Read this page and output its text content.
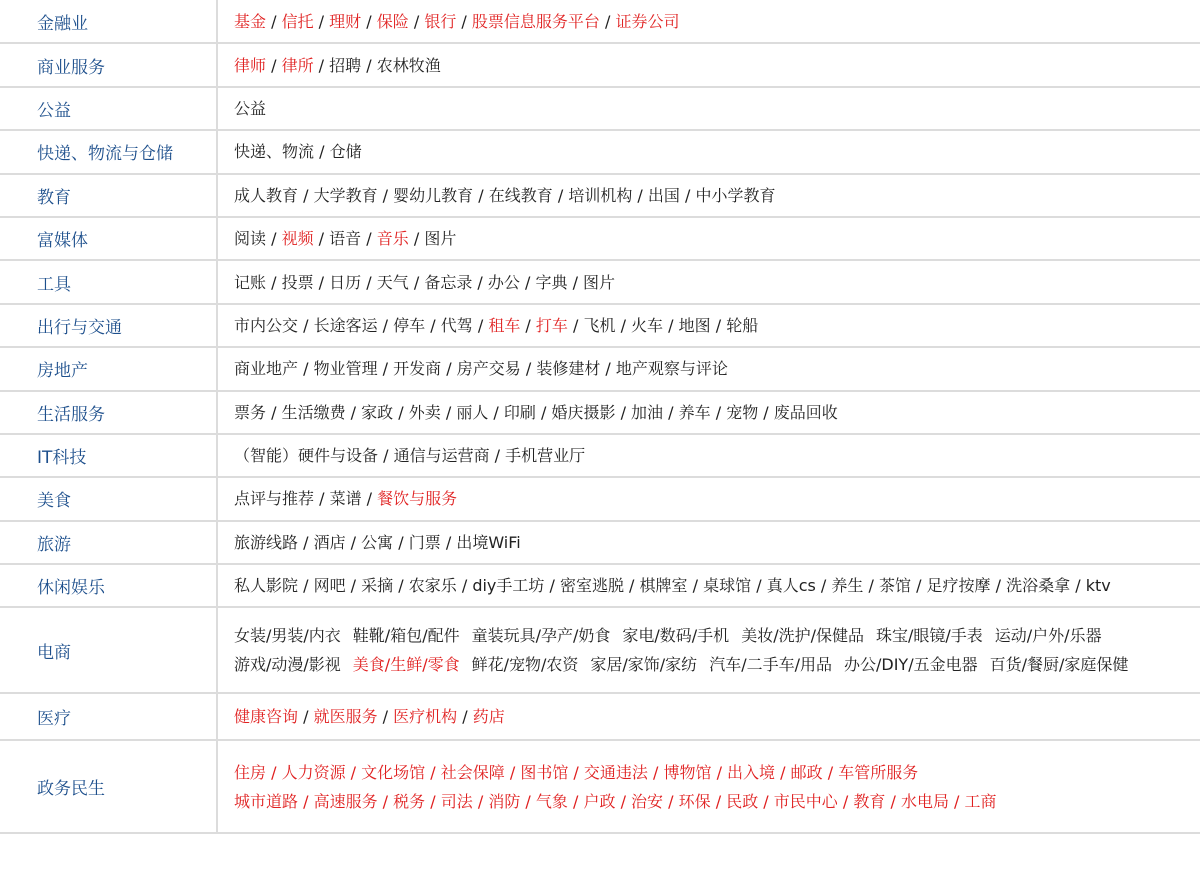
金融业	基金 / 信托 / 理财 / 保险 / 银行 / 股票信息服务平台 / 证券公司

商业服务	律师 / 律所 / 招聘 / 农林牧渔

公益	公益

快递、物流与仓储	快递、物流 / 仓储

教育	成人教育 / 大学教育 / 婴幼儿教育 / 在线教育 / 培训机构 / 出国 / 中小学教育

富媒体	阅读 / 视频 / 语音 / 音乐 / 图片

工具	记账 / 投票 / 日历 / 天气 / 备忘录 / 办公 / 字典 / 图片

出行与交通	市内公交 / 长途客运 / 停车 / 代驾 / 租车 / 打车 / 飞机 / 火车 / 地图 / 轮船

房地产	商业地产 / 物业管理 / 开发商 / 房产交易 / 装修建材 / 地产观察与评论

生活服务	票务 / 生活缴费 / 家政 / 外卖 / 丽人 / 印刷 / 婚庆摄影 / 加油 / 养车 / 宠物 / 废品回收

IT科技	（智能）硬件与设备 / 通信与运营商 / 手机营业厅

美食	点评与推荐 / 菜谱 / 餐饮与服务

旅游	旅游线路 / 酒店 / 公寓 / 门票 / 出境WiFi

休闲娱乐	私人影院 / 网吧 / 采摘 / 农家乐 / diy手工坊 / 密室逃脱 / 棋牌室 / 桌球馆 / 真人cs / 养生 / 茶馆 / 足疗按摩 / 洗浴桑拿 / ktv

电商	女装/男装/内衣 鞋靴/箱包/配件 童装玩具/孕产/奶食 家电/数码/手机 美妆/洗护/保健品 珠宝/眼镜/手表 运动/户外/乐器
游戏/动漫/影视 美食/生鲜/零食 鲜花/宠物/农资 家居/家饰/家纺 汽车/二手车/用品 办公/DIY/五金电器 百货/餐厨/家庭保健

医疗	健康咨询 / 就医服务 / 医疗机构 / 药店

政务民生	住房 / 人力资源 / 文化场馆 / 社会保障 / 图书馆 / 交通违法 / 博物馆 / 出入境 / 邮政 / 车管所服务
城市道路 / 高速服务 / 税务 / 司法 / 消防 / 气象 / 户政 / 治安 / 环保 / 民政 / 市民中心 / 教育 / 水电局 / 工商
